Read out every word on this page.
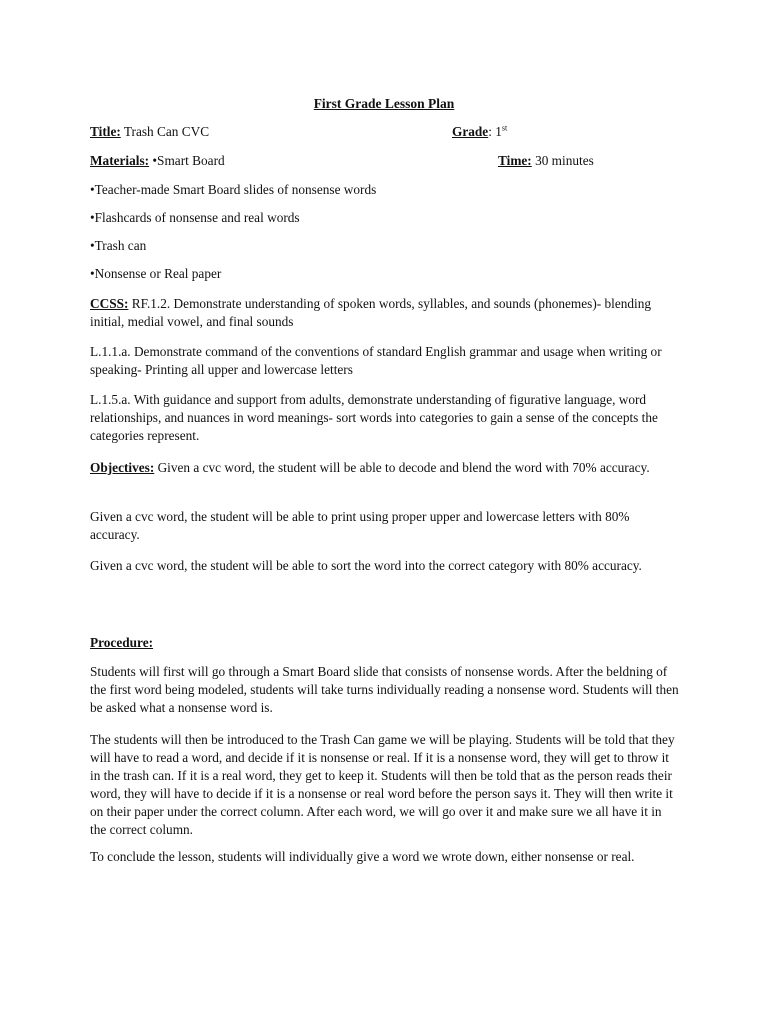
First Grade Lesson Plan
Title: Trash Can CVC	Grade: 1st
Materials: •Smart Board	Time: 30 minutes
•Teacher-made Smart Board slides of nonsense words
•Flashcards of nonsense and real words
•Trash can
•Nonsense or Real paper
CCSS: RF.1.2. Demonstrate understanding of spoken words, syllables, and sounds (phonemes)- blending initial, medial vowel, and final sounds
L.1.1.a. Demonstrate command of the conventions of standard English grammar and usage when writing or speaking- Printing all upper and lowercase letters
L.1.5.a. With guidance and support from adults, demonstrate understanding of figurative language, word relationships, and nuances in word meanings- sort words into categories to gain a sense of the concepts the categories represent.
Objectives: Given a cvc word, the student will be able to decode and blend the word with 70% accuracy.
Given a cvc word, the student will be able to print using proper upper and lowercase letters with 80% accuracy.
Given a cvc word, the student will be able to sort the word into the correct category with 80% accuracy.
Procedure:
Students will first will go through a Smart Board slide that consists of nonsense words. After the beldning of the first word being modeled, students will take turns individually reading a nonsense word. Students will then be asked what a nonsense word is.
The students will then be introduced to the Trash Can game we will be playing. Students will be told that they will have to read a word, and decide if it is nonsense or real. If it is a nonsense word, they will get to throw it in the trash can. If it is a real word, they get to keep it. Students will then be told that as the person reads their word, they will have to decide if it is a nonsense or real word before the person says it. They will then write it on their paper under the correct column. After each word, we will go over it and make sure we all have it in the correct column.
To conclude the lesson, students will individually give a word we wrote down, either nonsense or real.
